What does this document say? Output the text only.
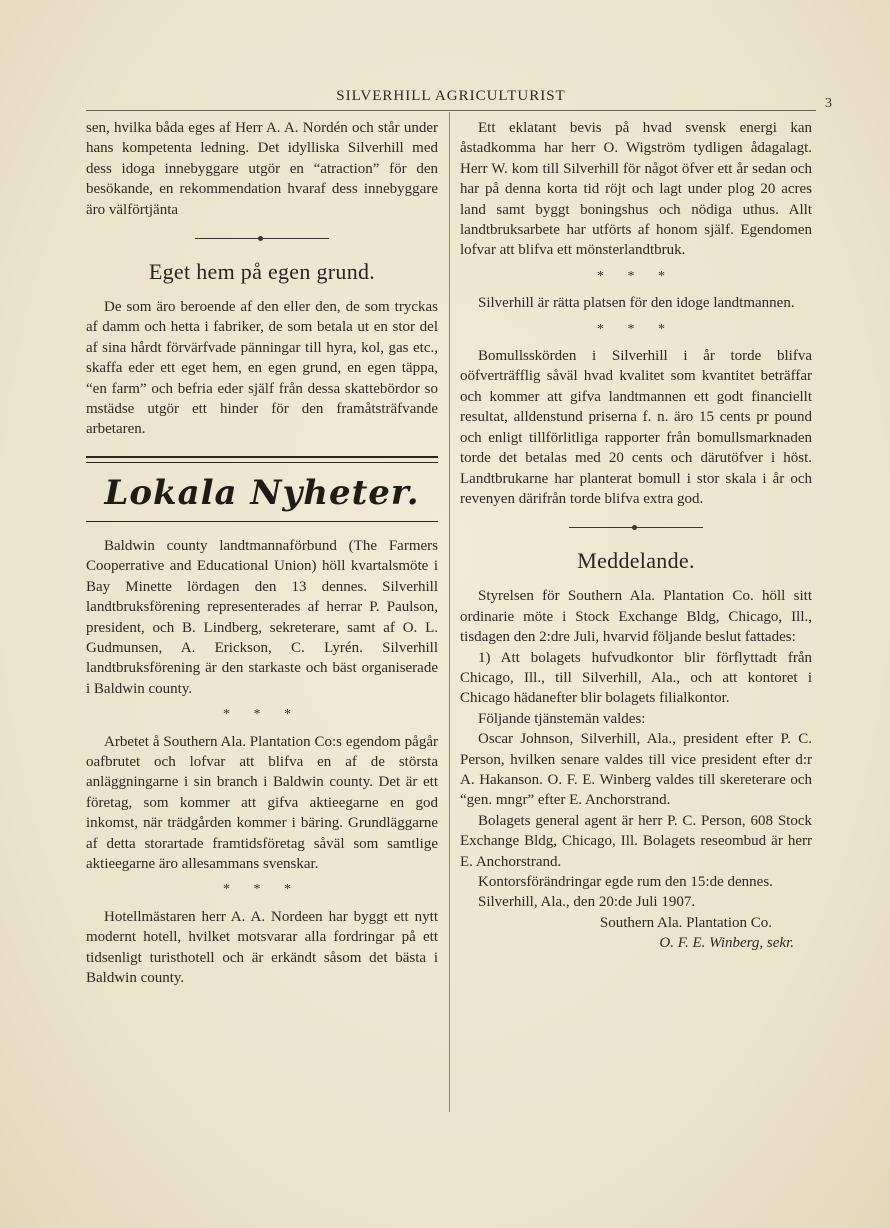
SILVERHILL AGRICULTURIST	3

sen, hvilka båda eges af Herr A. A. Nordén och står under hans kompetenta ledning. Det idylliska Silverhill med dess idoga innebyggare utgör en “atraction” för den besökande, en rekommendation hvaraf dess innebyggare äro välförtjänta

Eget hem på egen grund.

De som äro beroende af den eller den, de som tryckas af damm och hetta i fabriker, de som betala ut en stor del af sina hårdt förvärfvade pänningar till hyra, kol, gas etc., skaffa eder ett eget hem, en egen grund, en egen täppa, “en farm” och befria eder själf från dessa skattebördor so mstädse utgör ett hinder för den framåtsträfvande arbetaren.

Lokala Nyheter.

Baldwin county landtmannaförbund (The Farmers Cooperrative and Educational Union) höll kvartalsmöte i Bay Minette lördagen den 13 dennes. Silverhill landtbruksförening representerades af herrar P. Paulson, president, och B. Lindberg, sekreterare, samt af O. L. Gudmunsen, A. Erickson, C. Lyrén. Silverhill landtbruksförening är den starkaste och bäst organiserade i Baldwin county.

* * *

Arbetet å Southern Ala. Plantation Co:s egendom pågår oafbrutet och lofvar att blifva en af de största anläggningarne i sin branch i Baldwin county. Det är ett företag, som kommer att gifva aktieegarne en god inkomst, när trädgården kommer i bäring. Grundläggarne af detta storartade framtidsföretag såväl som samtlige aktieegarne äro allesammans svenskar.

* * *

Hotellmästaren herr A. A. Nordeen har byggt ett nytt modernt hotell, hvilket motsvarar alla fordringar på ett tidsenligt turisthotell och är erkändt såsom det bästa i Baldwin county.

Ett eklatant bevis på hvad svensk energi kan åstadkomma har herr O. Wigström tydligen ådagalagt. Herr W. kom till Silverhill för något öfver ett år sedan och har på denna korta tid röjt och lagt under plog 20 acres land samt byggt boningshus och nödiga uthus. Allt landtbruksarbete har utförts af honom själf. Egendomen lofvar att blifva ett mönsterlandtbruk.

* * *

Silverhill är rätta platsen för den idoge landtmannen.

* * *

Bomullsskörden i Silverhill i år torde blifva oöfverträfflig såväl hvad kvalitet som kvantitet beträffar och kommer att gifva landtmannen ett godt financiellt resultat, alldenstund priserna f. n. äro 15 cents pr pound och enligt tillförlitliga rapporter från bomullsmarknaden torde det betalas med 20 cents och därutöfver i höst. Landtbrukarne har planterat bomull i stor skala i år och revenyen därifrån torde blifva extra god.

Meddelande.

Styrelsen för Southern Ala. Plantation Co. höll sitt ordinarie möte i Stock Exchange Bldg, Chicago, Ill., tisdagen den 2:dre Juli, hvarvid följande beslut fattades:

1) Att bolagets hufvudkontor blir förflyttadt från Chicago, Ill., till Silverhill, Ala., och att kontoret i Chicago hädanefter blir bolagets filialkontor.

Följande tjänstemän valdes:

Oscar Johnson, Silverhill, Ala., president efter P. C. Person, hvilken senare valdes till vice president efter d:r A. Hakanson. O. F. E. Winberg valdes till skereterare och “gen. mngr” efter E. Anchorstrand.

Bolagets general agent är herr P. C. Person, 608 Stock Exchange Bldg, Chicago, Ill. Bolagets reseombud är herr E. Anchorstrand.

Kontorsförändringar egde rum den 15:de dennes.

Silverhill, Ala., den 20:de Juli 1907.

Southern Ala. Plantation Co.

O. F. E. Winberg, sekr.
